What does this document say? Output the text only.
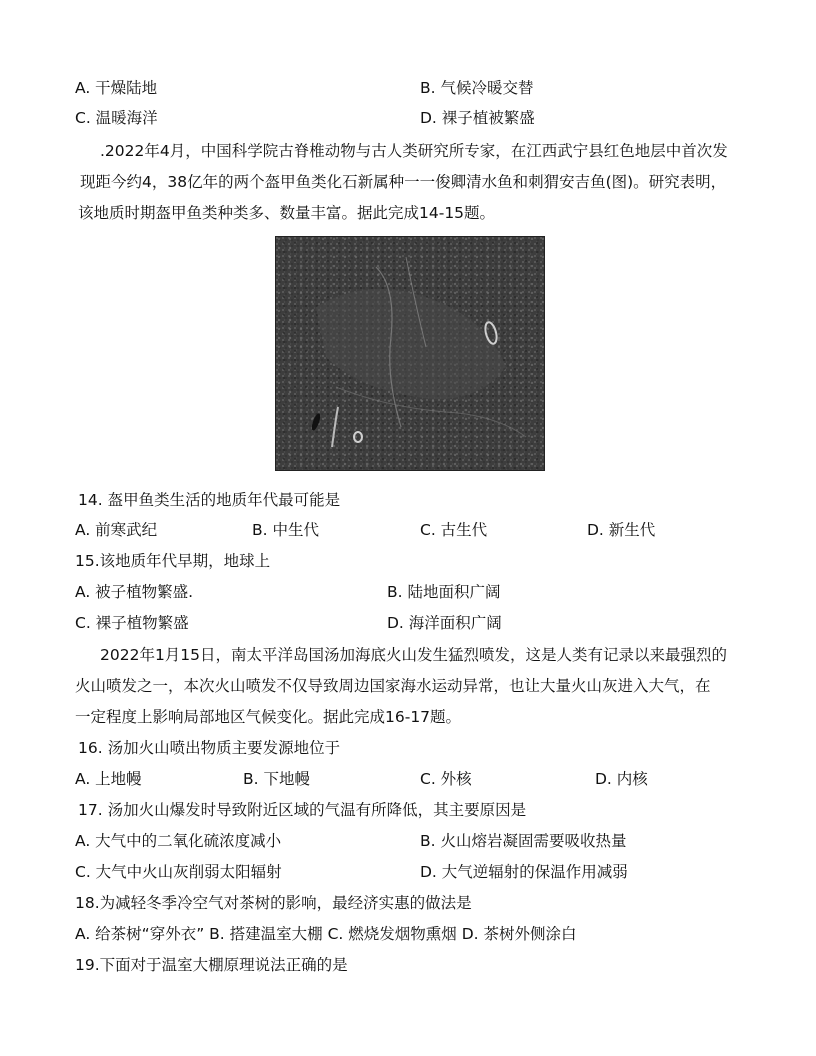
A. 干燥陆地	B. 气候冷暖交替
C. 温暖海洋	D. 裸子植被繁盛
.2022年4月，中国科学院古脊椎动物与古人类研究所专家，在江西武宁县红色地层中首次发
现距今约4，38亿年的两个盔甲鱼类化石新属种一一俊卿清水鱼和刺猬安吉鱼(图)。研究表明，
该地质时期盔甲鱼类种类多、数量丰富。据此完成14-15题。
14. 盔甲鱼类生活的地质年代最可能是
A. 前寒武纪	B. 中生代	C. 古生代	D. 新生代
15.该地质年代早期，地球上
A. 被子植物繁盛.	B. 陆地面积广阔
C. 裸子植物繁盛	D. 海洋面积广阔
2022年1月15日，南太平洋岛国汤加海底火山发生猛烈喷发，这是人类有记录以来最强烈的
火山喷发之一，本次火山喷发不仅导致周边国家海水运动异常，也让大量火山灰进入大气，在
一定程度上影响局部地区气候变化。据此完成16-17题。
16. 汤加火山喷出物质主要发源地位于
A. 上地幔	B. 下地幔	C. 外核	D. 内核
17. 汤加火山爆发时导致附近区域的气温有所降低，其主要原因是
A. 大气中的二氧化硫浓度减小	B. 火山熔岩凝固需要吸收热量
C. 大气中火山灰削弱太阳辐射	D. 大气逆辐射的保温作用减弱
18.为减轻冬季冷空气对茶树的影响，最经济实惠的做法是
A. 给茶树“穿外衣” B. 搭建温室大棚 C. 燃烧发烟物熏烟 D. 茶树外侧涂白
19.下面对于温室大棚原理说法正确的是
